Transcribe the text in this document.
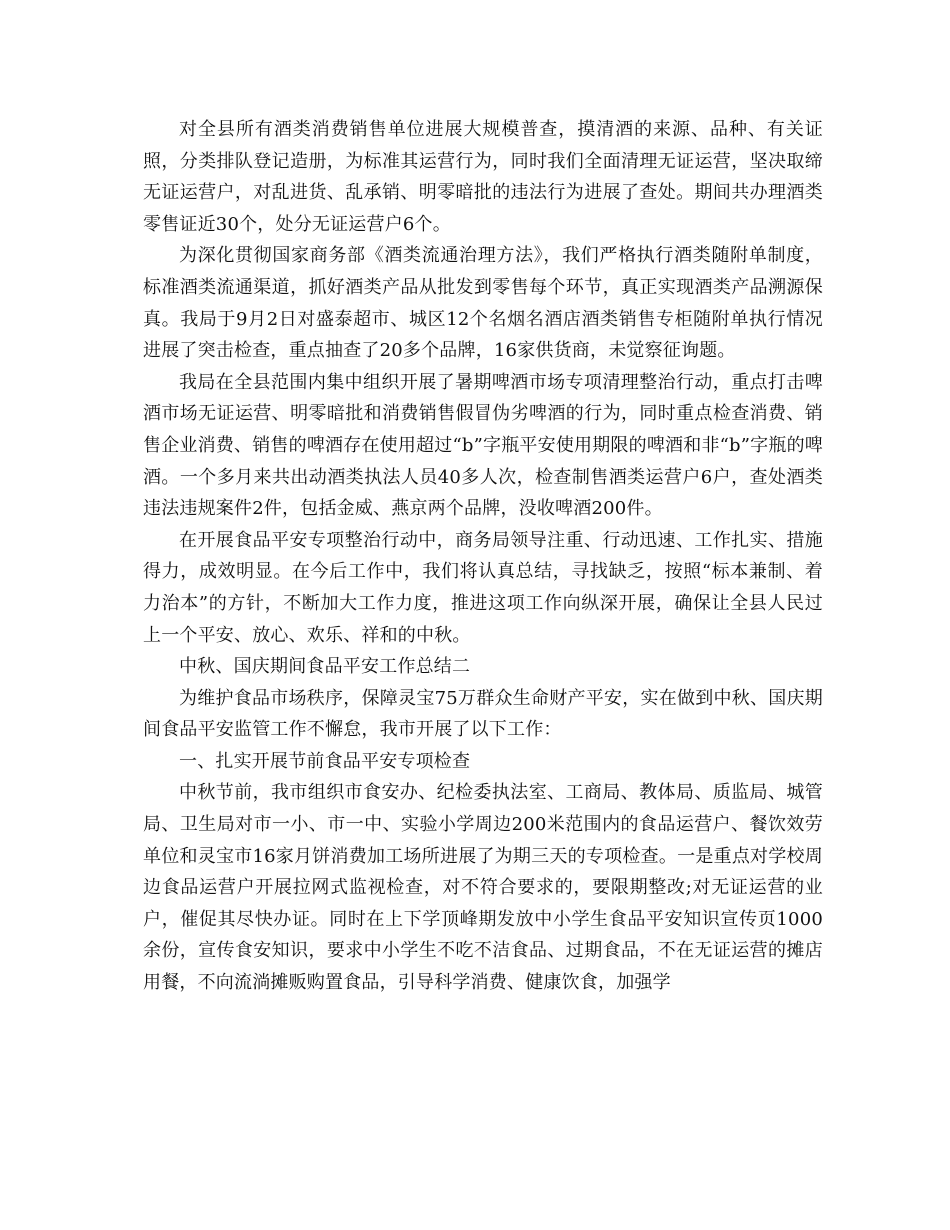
对全县所有酒类消费销售单位进展大规模普查，摸清酒的来源、品种、有关证照，分类排队登记造册，为标准其运营行为，同时我们全面清理无证运营，坚决取缔无证运营户，对乱进货、乱承销、明零暗批的违法行为进展了查处。期间共办理酒类零售证近30个，处分无证运营户6个。

为深化贯彻国家商务部《酒类流通治理方法》，我们严格执行酒类随附单制度，标准酒类流通渠道，抓好酒类产品从批发到零售每个环节，真正实现酒类产品溯源保真。我局于9月2日对盛泰超市、城区12个名烟名酒店酒类销售专柜随附单执行情况进展了突击检查，重点抽查了20多个品牌，16家供货商，未觉察征询题。

我局在全县范围内集中组织开展了暑期啤酒市场专项清理整治行动，重点打击啤酒市场无证运营、明零暗批和消费销售假冒伪劣啤酒的行为，同时重点检查消费、销售企业消费、销售的啤酒存在使用超过“b”字瓶平安使用期限的啤酒和非“b”字瓶的啤酒。一个多月来共出动酒类执法人员40多人次，检查制售酒类运营户6户，查处酒类违法违规案件2件，包括金威、燕京两个品牌，没收啤酒200件。

在开展食品平安专项整治行动中，商务局领导注重、行动迅速、工作扎实、措施得力，成效明显。在今后工作中，我们将认真总结，寻找缺乏，按照“标本兼制、着力治本”的方针，不断加大工作力度，推进这项工作向纵深开展，确保让全县人民过上一个平安、放心、欢乐、祥和的中秋。

中秋、国庆期间食品平安工作总结二

为维护食品市场秩序，保障灵宝75万群众生命财产平安，实在做到中秋、国庆期间食品平安监管工作不懈怠，我市开展了以下工作：

一、扎实开展节前食品平安专项检查

中秋节前，我市组织市食安办、纪检委执法室、工商局、教体局、质监局、城管局、卫生局对市一小、市一中、实验小学周边200米范围内的食品运营户、餐饮效劳单位和灵宝市16家月饼消费加工场所进展了为期三天的专项检查。一是重点对学校周边食品运营户开展拉网式监视检查，对不符合要求的，要限期整改;对无证运营的业户，催促其尽快办证。同时在上下学顶峰期发放中小学生食品平安知识宣传页1000余份，宣传食安知识，要求中小学生不吃不洁食品、过期食品，不在无证运营的摊店用餐，不向流淌摊贩购置食品，引导科学消费、健康饮食，加强学
